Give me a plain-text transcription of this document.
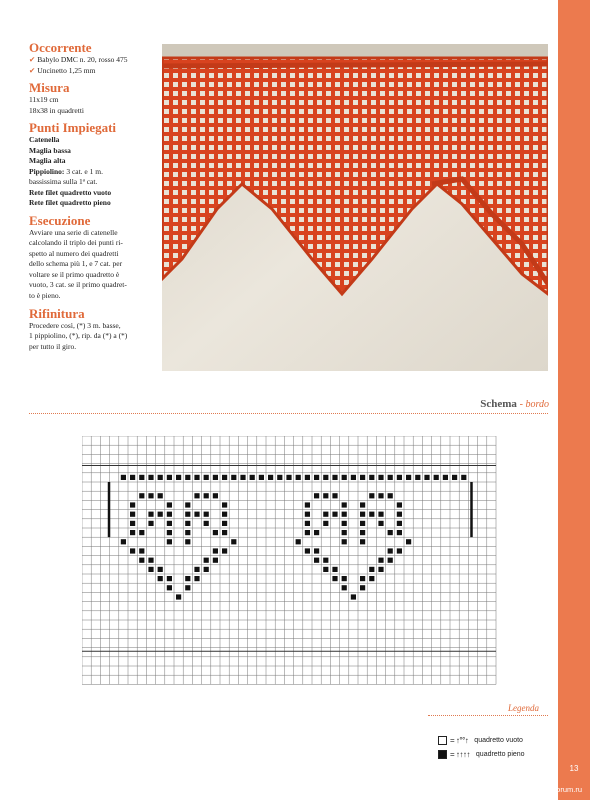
13
PassionForum.ru
Occorrente

✔ Babylo DMC n. 20, rosso 475

✔ Uncinetto 1,25 mm

Misura

11x19 cm

18x38 in quadretti

Punti Impiegati

Catenella

Maglia bassa

Maglia alta

Pippiolino: 3 cat. e 1 m.

bassissima sulla 1ª cat.

Rete filet quadretto vuoto

Rete filet quadretto pieno

Esecuzione

Avviare una serie di catenelle

calcolando il triplo dei punti ri-

spetto al numero dei quadretti

dello schema più 1, e 7 cat. per

voltare se il primo quadretto è

vuoto, 3 cat. se il primo quadret-

to è pieno.

Rifinitura

Procedere così, (*) 3 m. basse,

1 pippiolino, (*), rip. da (*) a (*)

per tutto il giro.

Schema - bordo
Legenda
= ↑°°↑ quadretto vuoto
= ↑↑↑↑ quadretto pieno
